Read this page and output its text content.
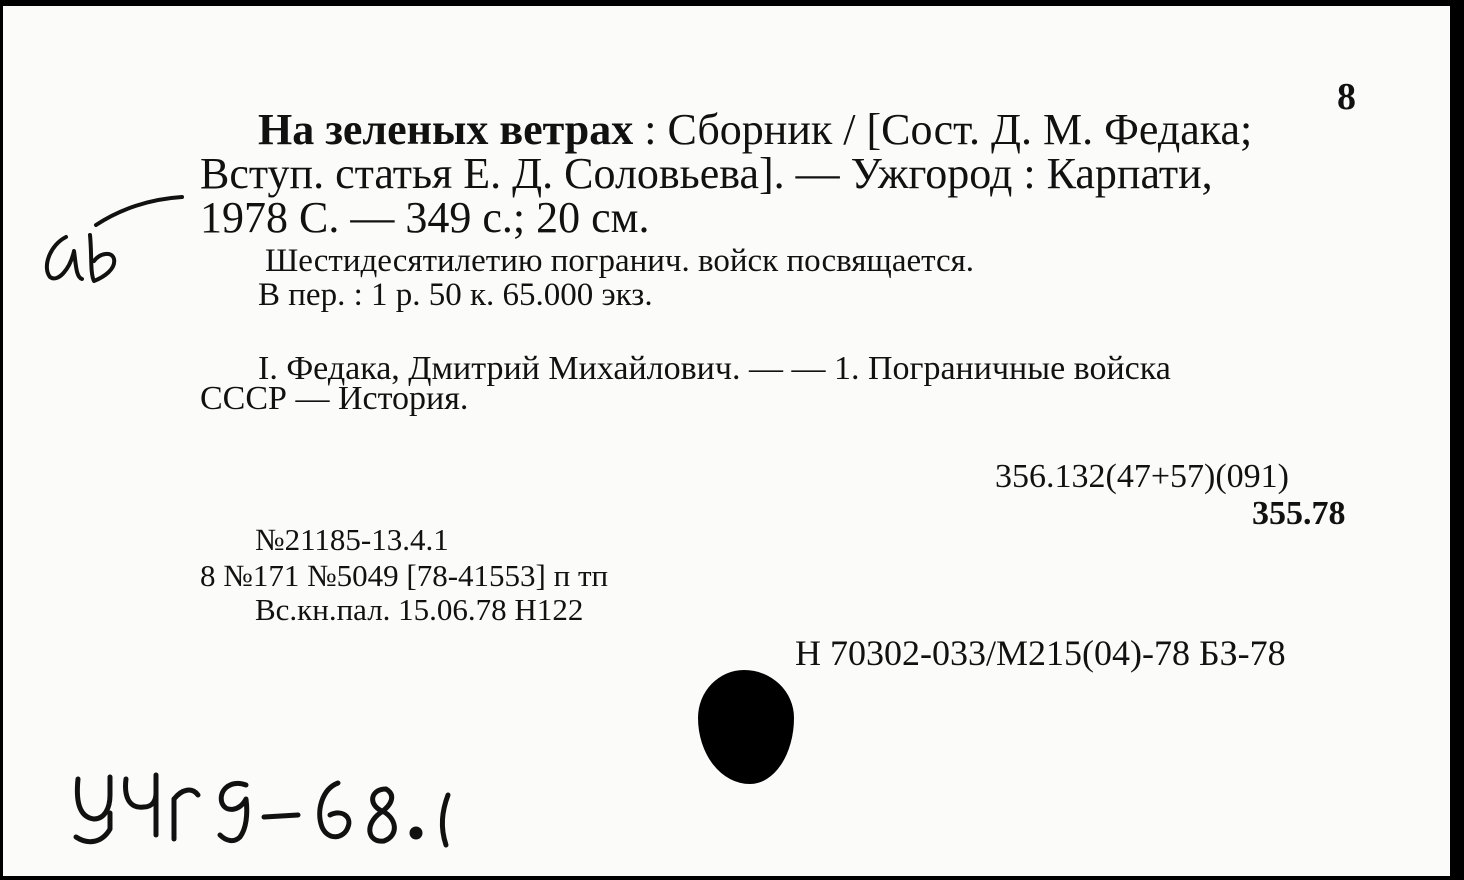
8
На зеленых ветрах : Сборник / [Сост. Д. М. Федака;
Вступ. статья Е. Д. Соловьева]. — Ужгород : Карпати,
1978 С. — 349 с.; 20 см.
Шестидесятилетию погранич. войск посвящается.
В пер. : 1 р. 50 к. 65.000 экз.
I. Федака, Дмитрий Михайлович. — — 1. Пограничные войска
СССР — История.
356.132(47+57)(091)
355.78
№21185-13.4.1
8 №171 №5049 [78-41553] п тп
Вс.кн.пал. 15.06.78 Н122
Н 70302-033/М215(04)-78 БЗ-78
